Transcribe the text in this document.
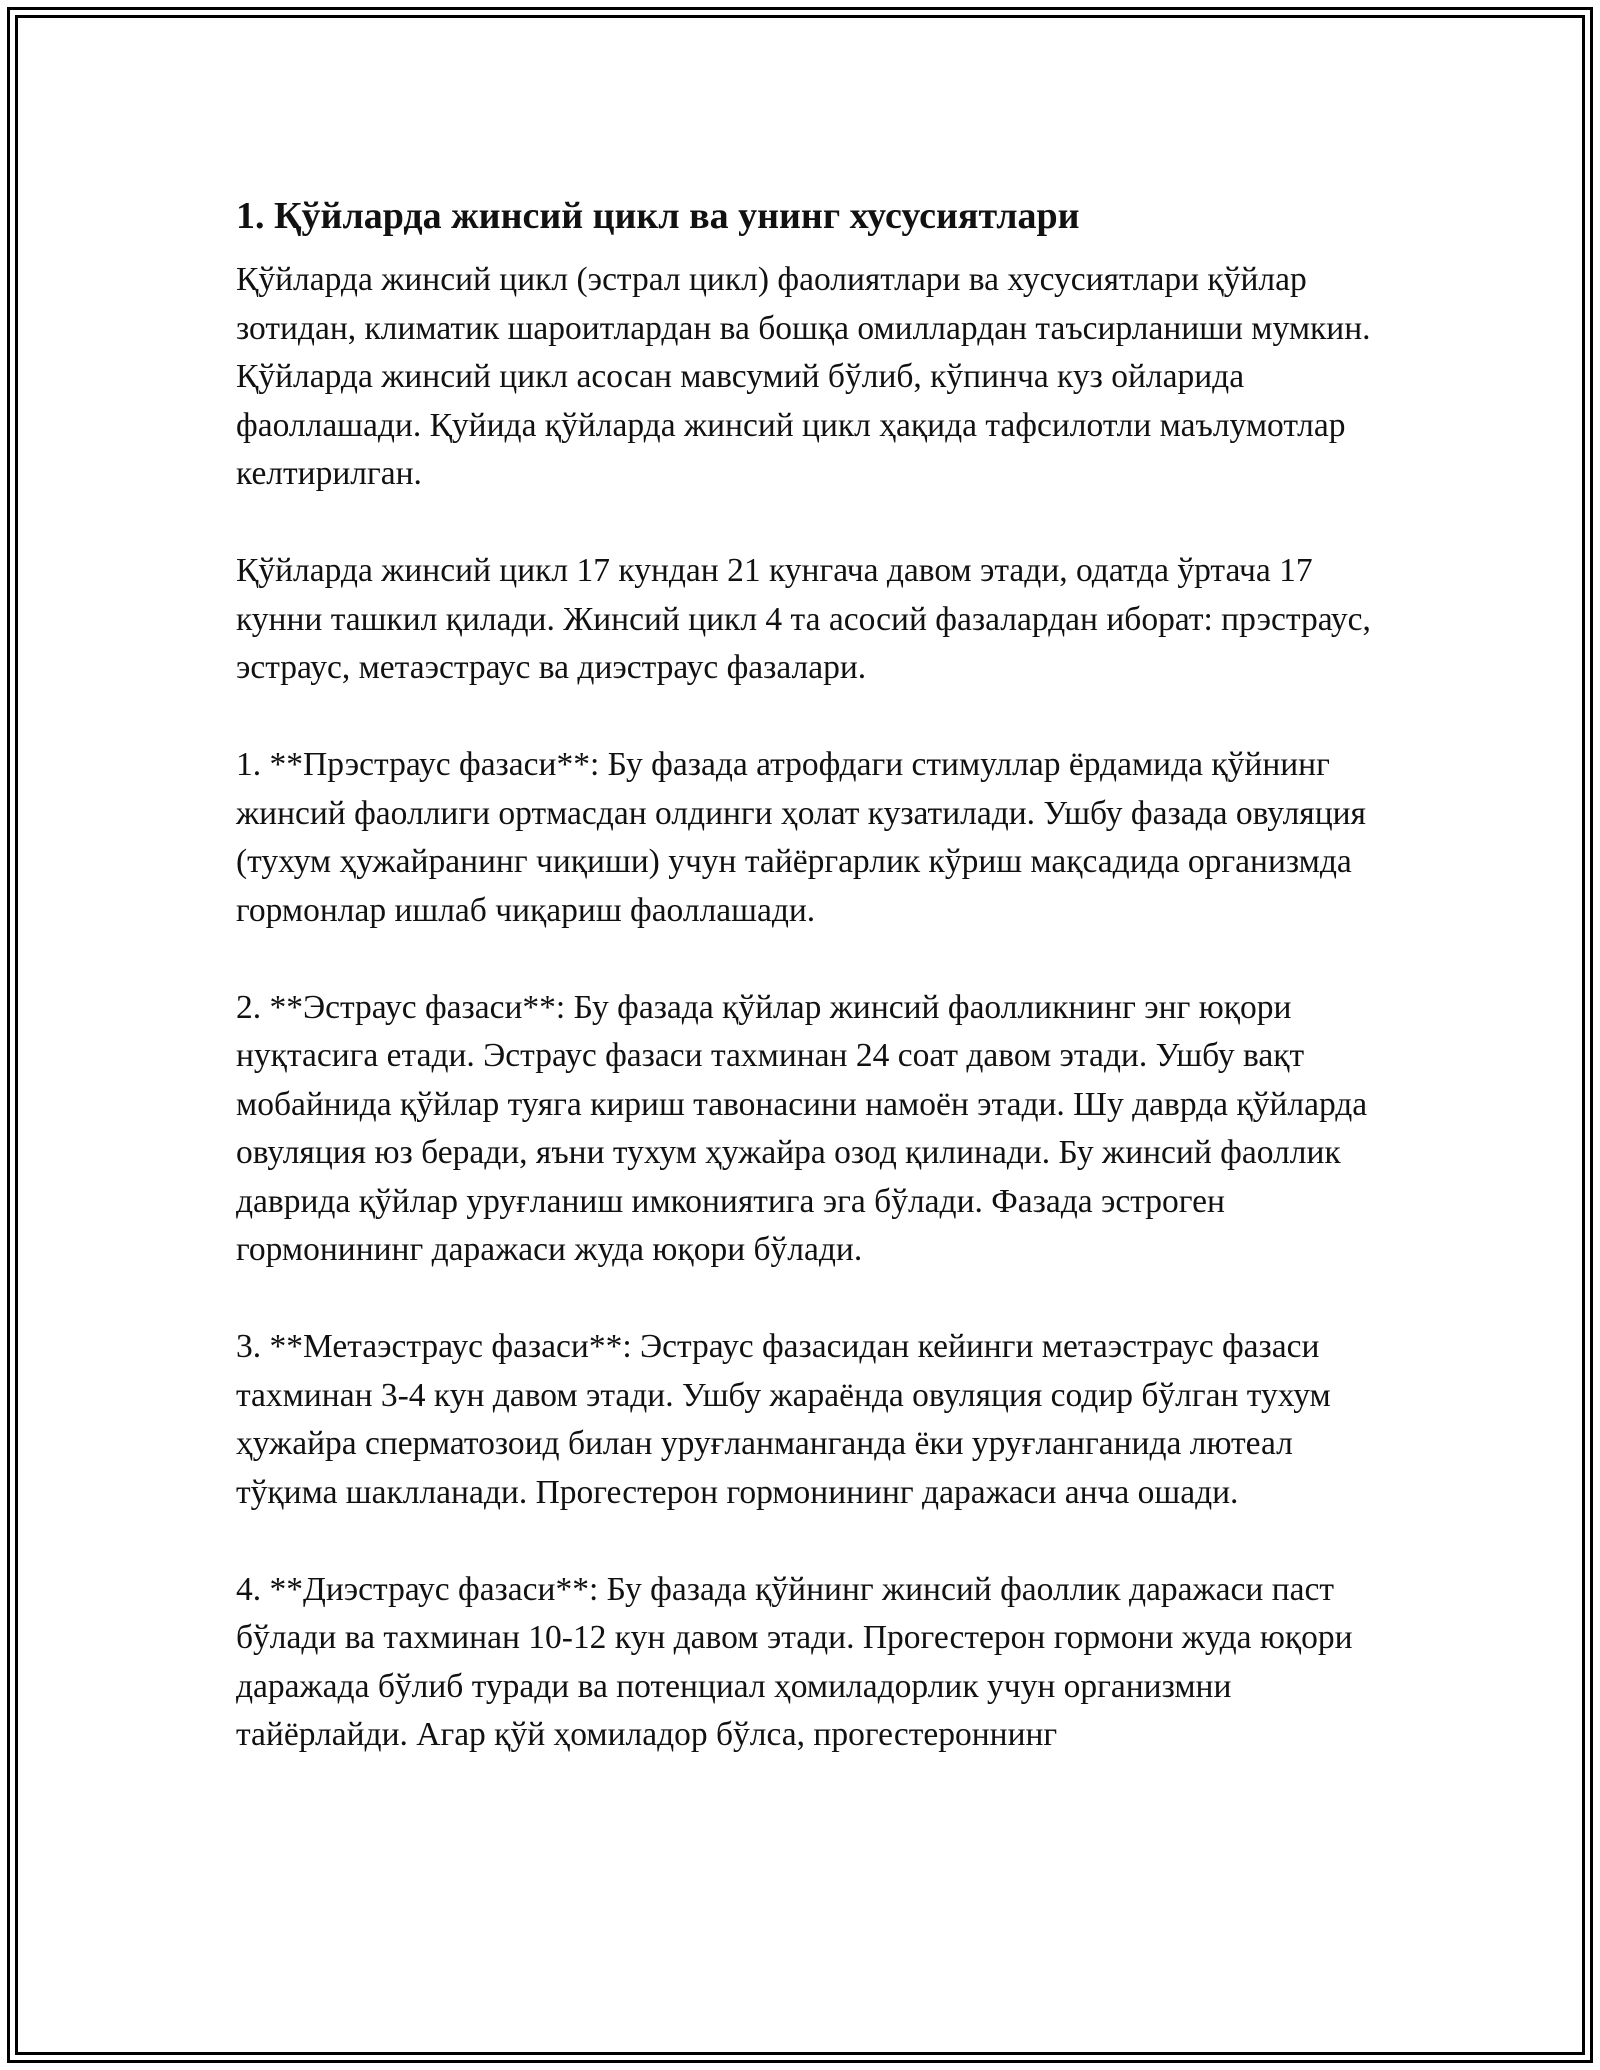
1. Қўйларда жинсий цикл ва унинг хусусиятлари

Қўйларда жинсий цикл (эстрал цикл) фаолиятлари ва хусусиятлари қўйлар зотидан, климатик шароитлардан ва бошқа омиллардан таъсирланиши мумкин. Қўйларда жинсий цикл асосан мавсумий бўлиб, кўпинча куз ойларида фаоллашади. Қуйида қўйларда жинсий цикл ҳақида тафсилотли маълумотлар келтирилган.

Қўйларда жинсий цикл 17 кундан 21 кунгача давом этади, одатда ўртача 17 кунни ташкил қилади. Жинсий цикл 4 та асосий фазалардан иборат: прэстраус, эстраус, метаэстраус ва диэстраус фазалари.

1. **Прэстраус фазаси**: Бу фазада атрофдаги стимуллар ёрдамида қўйнинг жинсий фаоллиги ортмасдан олдинги ҳолат кузатилади. Ушбу фазада овуляция (тухум ҳужайранинг чиқиши) учун тайёргарлик кўриш мақсадида организмда гормонлар ишлаб чиқариш фаоллашади.

2. **Эстраус фазаси**: Бу фазада қўйлар жинсий фаолликнинг энг юқори нуқтасига етади. Эстраус фазаси тахминан 24 соат давом этади. Ушбу вақт мобайнида қўйлар туяга кириш тавонасини намоён этади. Шу даврда қўйларда овуляция юз беради, яъни тухум ҳужайра озод қилинади. Бу жинсий фаоллик даврида қўйлар уруғланиш имкониятига эга бўлади. Фазада эстроген гормонининг даражаси жуда юқори бўлади.

3. **Метаэстраус фазаси**: Эстраус фазасидан кейинги метаэстраус фазаси тахминан 3-4 кун давом этади. Ушбу жараёнда овуляция содир бўлган тухум ҳужайра сперматозоид билан уруғланманганда ёки уруғланганида лютеал тўқима шаклланади. Прогестерон гормонининг даражаси анча ошади.

4. **Диэстраус фазаси**: Бу фазада қўйнинг жинсий фаоллик даражаси паст бўлади ва тахминан 10-12 кун давом этади. Прогестерон гормони жуда юқори даражада бўлиб туради ва потенциал ҳомиладорлик учун организмни тайёрлайди. Агар қўй ҳомиладор бўлса, прогестероннинг
